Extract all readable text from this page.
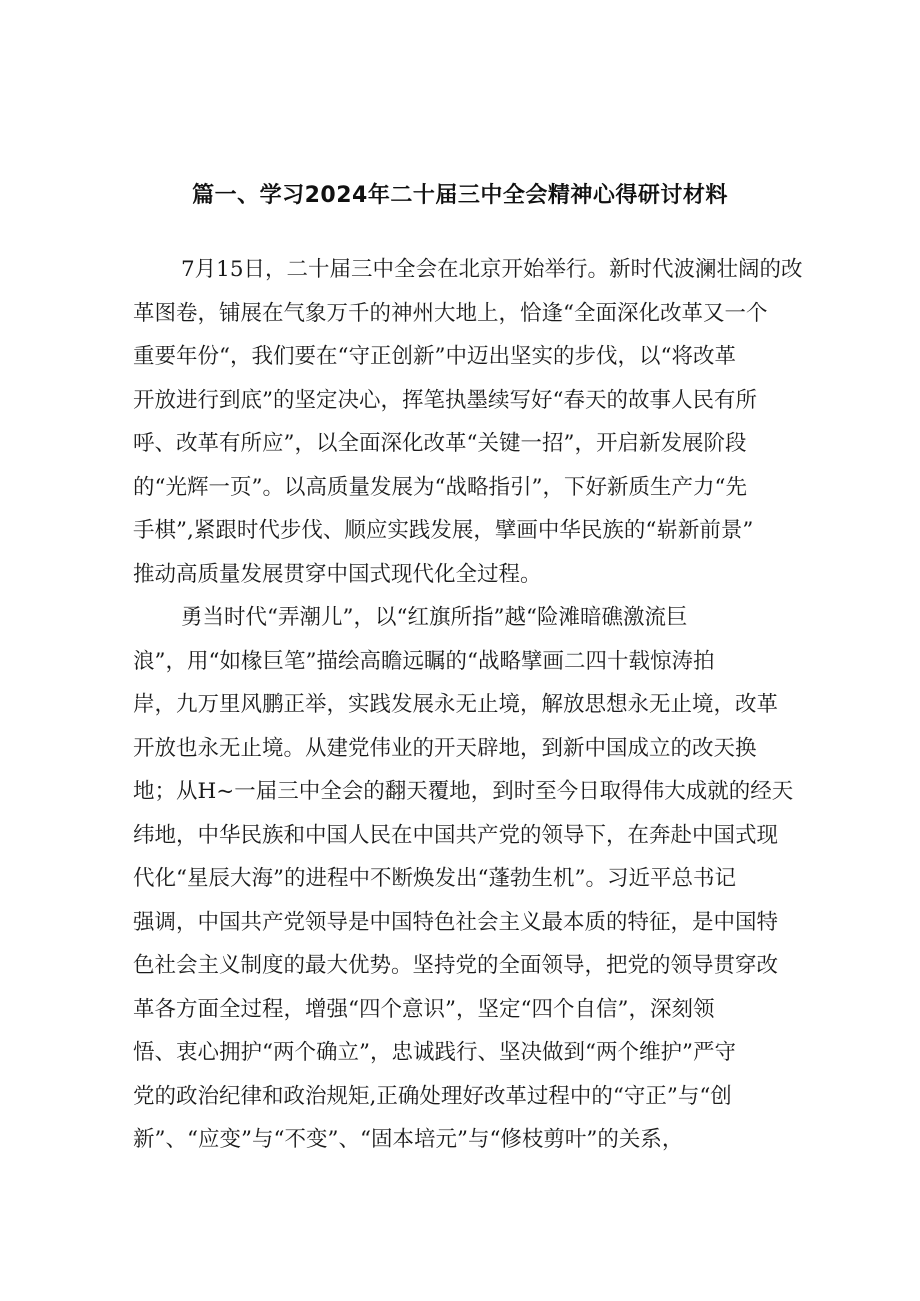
篇一、学习2024年二十届三中全会精神心得研讨材料

7月15日，二十届三中全会在北京开始举行。新时代波澜壮阔的改

革图卷，铺展在气象万千的神州大地上，恰逢“全面深化改革又一个

重要年份“，我们要在“守正创新”中迈出坚实的步伐，以“将改革

开放进行到底”的坚定决心，挥笔执墨续写好“春天的故事人民有所

呼、改革有所应”，以全面深化改革“关键一招”，开启新发展阶段

的“光辉一页”。以高质量发展为“战略指引”，下好新质生产力“先

手棋”,紧跟时代步伐、顺应实践发展，擘画中华民族的“崭新前景”

推动高质量发展贯穿中国式现代化全过程。

勇当时代“弄潮儿”，以“红旗所指”越“险滩暗礁激流巨

浪”，用“如椽巨笔”描绘高瞻远瞩的“战略擘画二四十载惊涛拍

岸，九万里风鹏正举，实践发展永无止境，解放思想永无止境，改革

开放也永无止境。从建党伟业的开天辟地，到新中国成立的改天换

地；从H~一届三中全会的翻天覆地，到时至今日取得伟大成就的经天

纬地，中华民族和中国人民在中国共产党的领导下，在奔赴中国式现

代化“星辰大海”的进程中不断焕发出“蓬勃生机”。习近平总书记

强调，中国共产党领导是中国特色社会主义最本质的特征，是中国特

色社会主义制度的最大优势。坚持党的全面领导，把党的领导贯穿改

革各方面全过程，增强“四个意识”，坚定“四个自信”，深刻领

悟、衷心拥护“两个确立”，忠诚践行、坚决做到“两个维护”严守

党的政治纪律和政治规矩,正确处理好改革过程中的“守正”与“创

新”、“应变”与“不变”、“固本培元”与“修枝剪叶”的关系，
